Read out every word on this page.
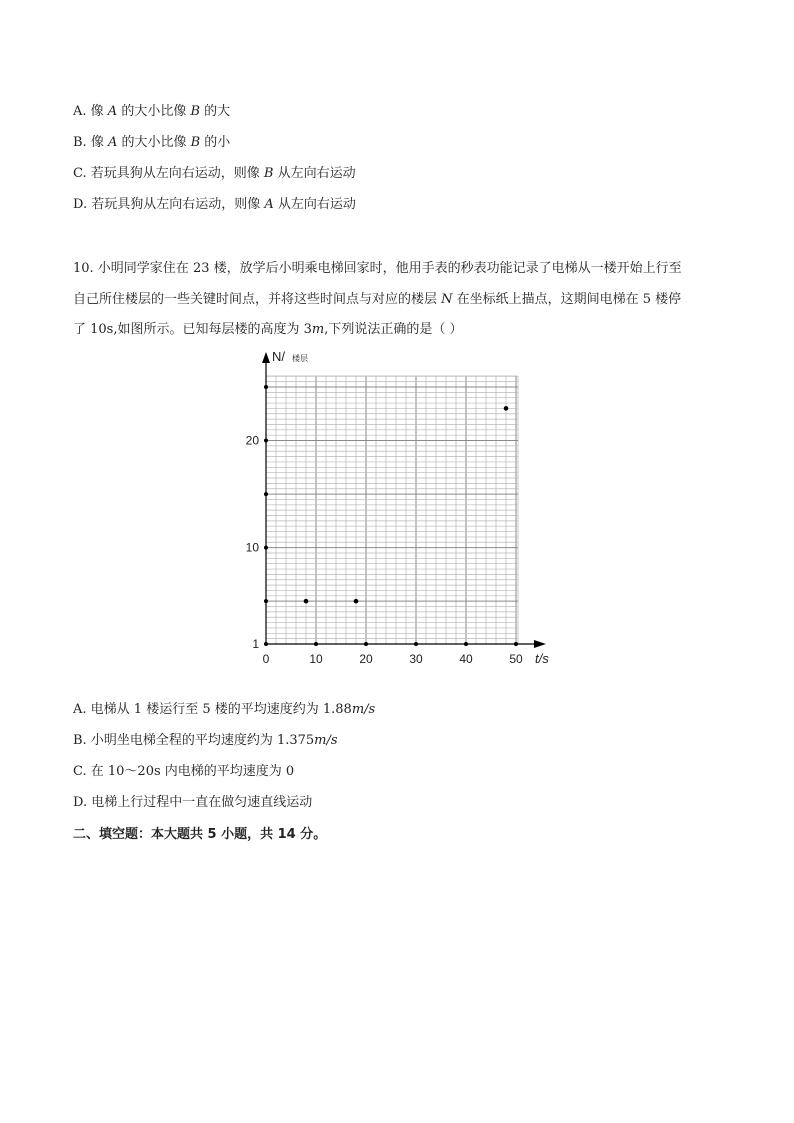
A. 像 A 的大小比像 B 的大
B. 像 A 的大小比像 B 的小
C. 若玩具狗从左向右运动，则像 B 从左向右运动
D. 若玩具狗从左向右运动，则像 A 从左向右运动
10. 小明同学家住在 23 楼，放学后小明乘电梯回家时，他用手表的秒表功能记录了电梯从一楼开始上行至
自己所住楼层的一些关键时间点，并将这些时间点与对应的楼层 N 在坐标纸上描点，这期间电梯在 5 楼停
了 10s,如图所示。已知每层楼的高度为 3m,下列说法正确的是（ ）
0	10	20	30	40	50
1
10
20
N/ 楼层
t/s
A. 电梯从 1 楼运行至 5 楼的平均速度约为 1.88m/s
B. 小明坐电梯全程的平均速度约为 1.375m/s
C. 在 10～20s 内电梯的平均速度为 0
D. 电梯上行过程中一直在做匀速直线运动
二、填空题：本大题共 5 小题，共 14 分。
